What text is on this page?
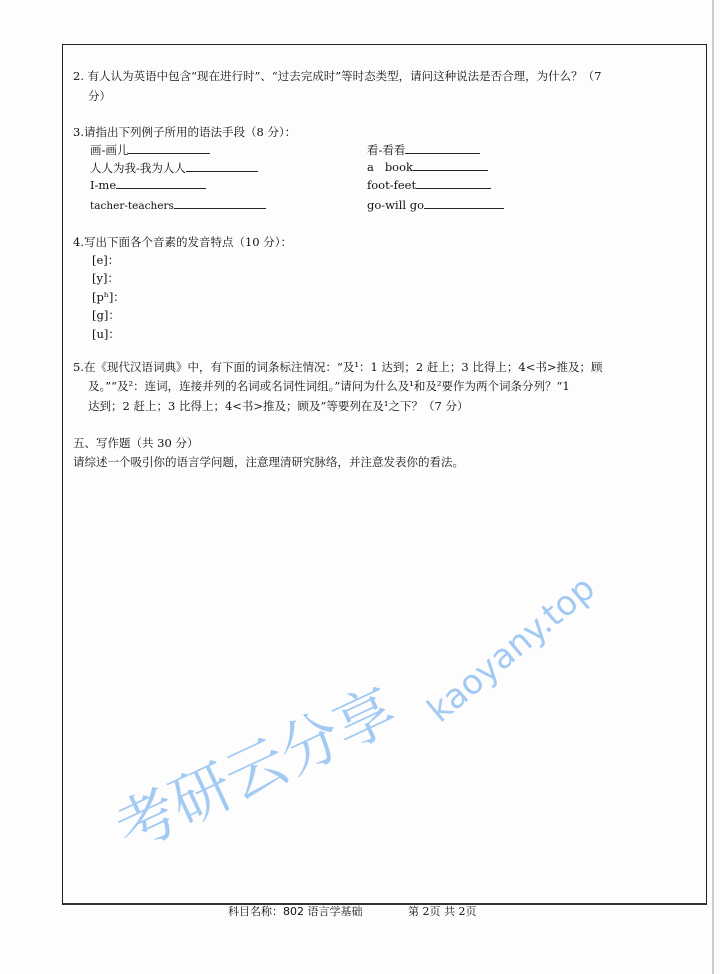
2. 有人认为英语中包含“现在进行时”、“过去完成时”等时态类型，请问这种说法是否合理，为什么？（7
分）
3.请指出下列例子所用的语法手段（8 分）：
画-画儿
人人为我-我为人人
I-me
tacher-teachers
看-看看
a   book
foot-feet
go-will go
4.写出下面各个音素的发音特点（10 分）：
[e]：
[y]：
[pʰ]：
[g]：
[u]：
5.在《现代汉语词典》中，有下面的词条标注情况：“及¹：1 达到；2 赶上；3 比得上；4<书>推及；顾
及。”“及²：连词，连接并列的名词或名词性词组。”请问为什么及¹和及²要作为两个词条分列？“1
达到；2 赶上；3 比得上；4<书>推及；顾及”等要列在及¹之下？（7 分）
五、写作题（共 30 分）
请综述一个吸引你的语言学问题，注意理清研究脉络，并注意发表你的看法。
考研云分享
kaoyany.top
科目名称：802 语言学基础	第 2页 共 2页
